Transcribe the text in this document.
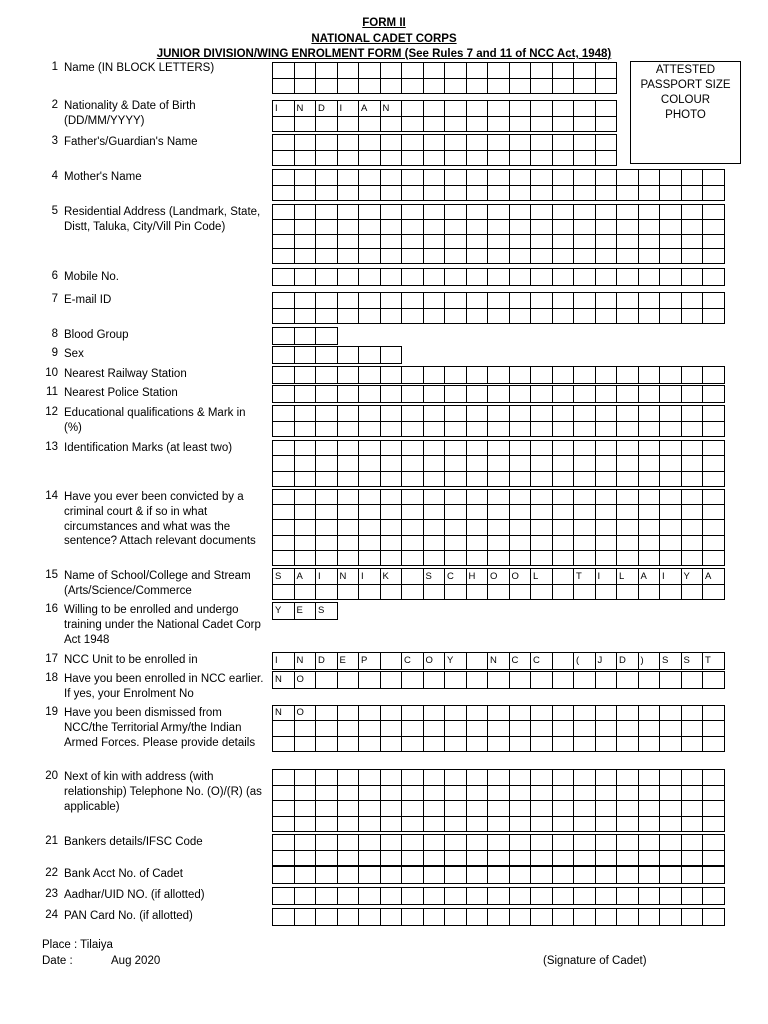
FORM II
NATIONAL CADET CORPS
JUNIOR DIVISION/WING ENROLMENT FORM (See Rules 7 and 11 of NCC Act, 1948)
1 Name (IN BLOCK LETTERS)

2 Nationality & Date of Birth (DD/MM/YYYY)
I	N	D	I	A	N										

3 Father's/Guardian's Name

4 Mother's Name

5 Residential Address (Landmark, State, Distt, Taluka, City/Vill Pin Code)

6 Mobile No.

7 E-mail ID

8 Blood Group

9 Sex

10 Nearest Railway Station

11 Nearest Police Station

12 Educational qualifications & Mark in (%)

13 Identification Marks (at least two)

14 Have you ever been convicted by a criminal court & if so in what circumstances and what was the sentence? Attach relevant documents

15 Name of School/College and Stream (Arts/Science/Commerce
S	A	I	N	I	K		S	C	H	O	O	L		T	I	L	A	I	Y	A

16 Willing to be enrolled and undergo training under the National Cadet Corp Act 1948
Y	E	S
17 NCC Unit to be enrolled in	I	N	D	E	P		C	O	Y		N	C	C		(	J	D	)	S	S	T
18 Have you been enrolled in NCC earlier. If yes, your Enrolment No
N	O																			
19 Have you been dismissed from NCC/the Territorial Army/the Indian Armed Forces. Please provide details
N	O																			

20 Next of kin with address (with relationship) Telephone No. (O)/(R) (as applicable)

21 Bankers details/IFSC Code

22 Bank Acct No. of Cadet

23 Aadhar/UID NO. (if allotted)

24 PAN Card No. (if allotted)

ATTESTED
PASSPORT SIZE
COLOUR
PHOTO
Place : Tilaiya
Date :	Aug 2020	(Signature of Cadet)
